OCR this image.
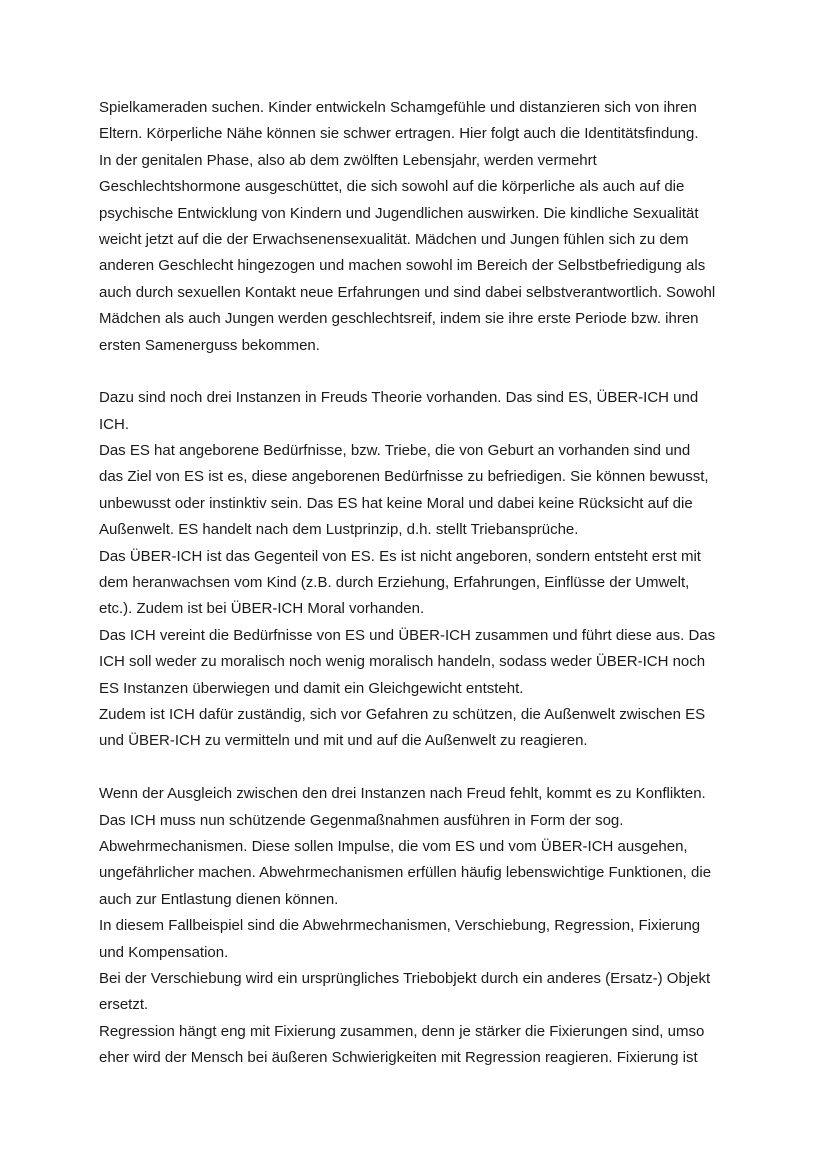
Spielkameraden suchen. Kinder entwickeln Schamgefühle und distanzieren sich von ihren
Eltern. Körperliche Nähe können sie schwer ertragen. Hier folgt auch die Identitätsfindung.
In der genitalen Phase, also ab dem zwölften Lebensjahr, werden vermehrt
Geschlechtshormone ausgeschüttet, die sich sowohl auf die körperliche als auch auf die
psychische Entwicklung von Kindern und Jugendlichen auswirken. Die kindliche Sexualität
weicht jetzt auf die der Erwachsenensexualität. Mädchen und Jungen fühlen sich zu dem
anderen Geschlecht hingezogen und machen sowohl im Bereich der Selbstbefriedigung als
auch durch sexuellen Kontakt neue Erfahrungen und sind dabei selbstverantwortlich. Sowohl
Mädchen als auch Jungen werden geschlechtsreif, indem sie ihre erste Periode bzw. ihren
ersten Samenerguss bekommen.
Dazu sind noch drei Instanzen in Freuds Theorie vorhanden. Das sind ES, ÜBER-ICH und
ICH.
Das ES hat angeborene Bedürfnisse, bzw. Triebe, die von Geburt an vorhanden sind und
das Ziel von ES ist es, diese angeborenen Bedürfnisse zu befriedigen. Sie können bewusst,
unbewusst oder instinktiv sein. Das ES hat keine Moral und dabei keine Rücksicht auf die
Außenwelt. ES handelt nach dem Lustprinzip, d.h. stellt Triebansprüche.
Das ÜBER-ICH ist das Gegenteil von ES. Es ist nicht angeboren, sondern entsteht erst mit
dem heranwachsen vom Kind (z.B. durch Erziehung, Erfahrungen, Einflüsse der Umwelt,
etc.). Zudem ist bei ÜBER-ICH Moral vorhanden.
Das ICH vereint die Bedürfnisse von ES und ÜBER-ICH zusammen und führt diese aus. Das
ICH soll weder zu moralisch noch wenig moralisch handeln, sodass weder ÜBER-ICH noch
ES Instanzen überwiegen und damit ein Gleichgewicht entsteht.
Zudem ist ICH dafür zuständig, sich vor Gefahren zu schützen, die Außenwelt zwischen ES
und ÜBER-ICH zu vermitteln und mit und auf die Außenwelt zu reagieren.
Wenn der Ausgleich zwischen den drei Instanzen nach Freud fehlt, kommt es zu Konflikten.
Das ICH muss nun schützende Gegenmaßnahmen ausführen in Form der sog.
Abwehrmechanismen. Diese sollen Impulse, die vom ES und vom ÜBER-ICH ausgehen,
ungefährlicher machen. Abwehrmechanismen erfüllen häufig lebenswichtige Funktionen, die
auch zur Entlastung dienen können.
In diesem Fallbeispiel sind die Abwehrmechanismen, Verschiebung, Regression, Fixierung
und Kompensation.
Bei der Verschiebung wird ein ursprüngliches Triebobjekt durch ein anderes (Ersatz-) Objekt
ersetzt.
Regression hängt eng mit Fixierung zusammen, denn je stärker die Fixierungen sind, umso
eher wird der Mensch bei äußeren Schwierigkeiten mit Regression reagieren. Fixierung ist
